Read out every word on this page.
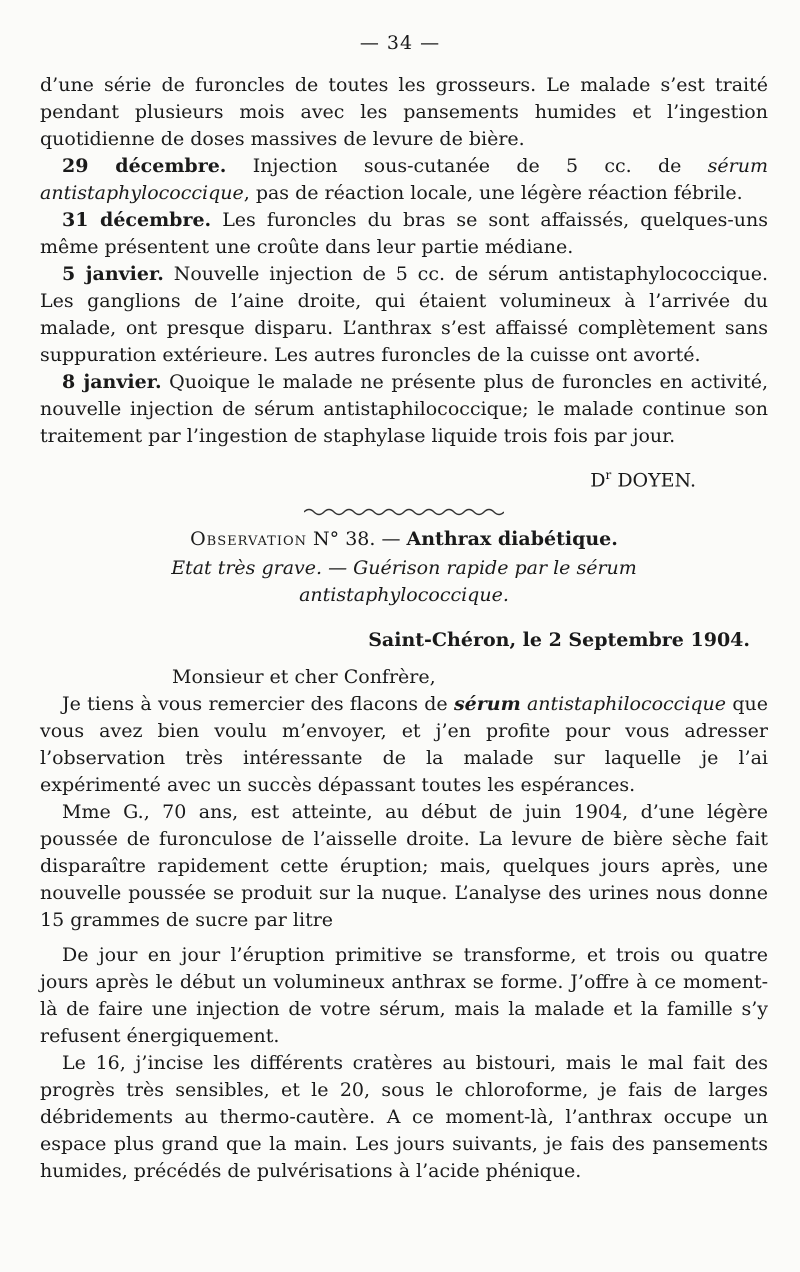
— 34 —

d’une série de furoncles de toutes les grosseurs. Le malade s’est traité pendant plusieurs mois avec les pansements humides et l’ingestion quotidienne de doses massives de levure de bière.

29 décembre. Injection sous-cutanée de 5 cc. de sérum antistaphylococcique, pas de réaction locale, une légère réaction fébrile.

31 décembre. Les furoncles du bras se sont affaissés, quelques-uns même présentent une croûte dans leur partie médiane.

5 janvier. Nouvelle injection de 5 cc. de sérum antistaphylococcique. Les ganglions de l’aine droite, qui étaient volumineux à l’arrivée du malade, ont presque disparu. L’anthrax s’est affaissé complètement sans suppuration extérieure. Les autres furoncles de la cuisse ont avorté.

8 janvier. Quoique le malade ne présente plus de furoncles en activité, nouvelle injection de sérum antistaphilococcique; le malade continue son traitement par l’ingestion de staphylase liquide trois fois par jour.

$D^r$ DOYEN.
Observation N° 38. — Anthrax diabétique.
Etat très grave. — Guérison rapide par le sérum antistaphylococcique.
Saint-Chéron, le 2 Septembre 1904.

Monsieur et cher Confrère,

Je tiens à vous remercier des flacons de sérum antistaphilococcique que vous avez bien voulu m’envoyer, et j’en profite pour vous adresser l’observation très intéressante de la malade sur laquelle je l’ai expérimenté avec un succès dépassant toutes les espérances.

Mme G., 70 ans, est atteinte, au début de juin 1904, d’une légère poussée de furonculose de l’aisselle droite. La levure de bière sèche fait disparaître rapidement cette éruption; mais, quelques jours après, une nouvelle poussée se produit sur la nuque. L’analyse des urines nous donne 15 grammes de sucre par litre

De jour en jour l’éruption primitive se transforme, et trois ou quatre jours après le début un volumineux anthrax se forme. J’offre à ce moment-là de faire une injection de votre sérum, mais la malade et la famille s’y refusent énergiquement.

Le 16, j’incise les différents cratères au bistouri, mais le mal fait des progrès très sensibles, et le 20, sous le chloroforme, je fais de larges débridements au thermo-cautère. A ce moment-là, l’anthrax occupe un espace plus grand que la main. Les jours suivants, je fais des pansements humides, précédés de pulvérisations à l’acide phénique.
